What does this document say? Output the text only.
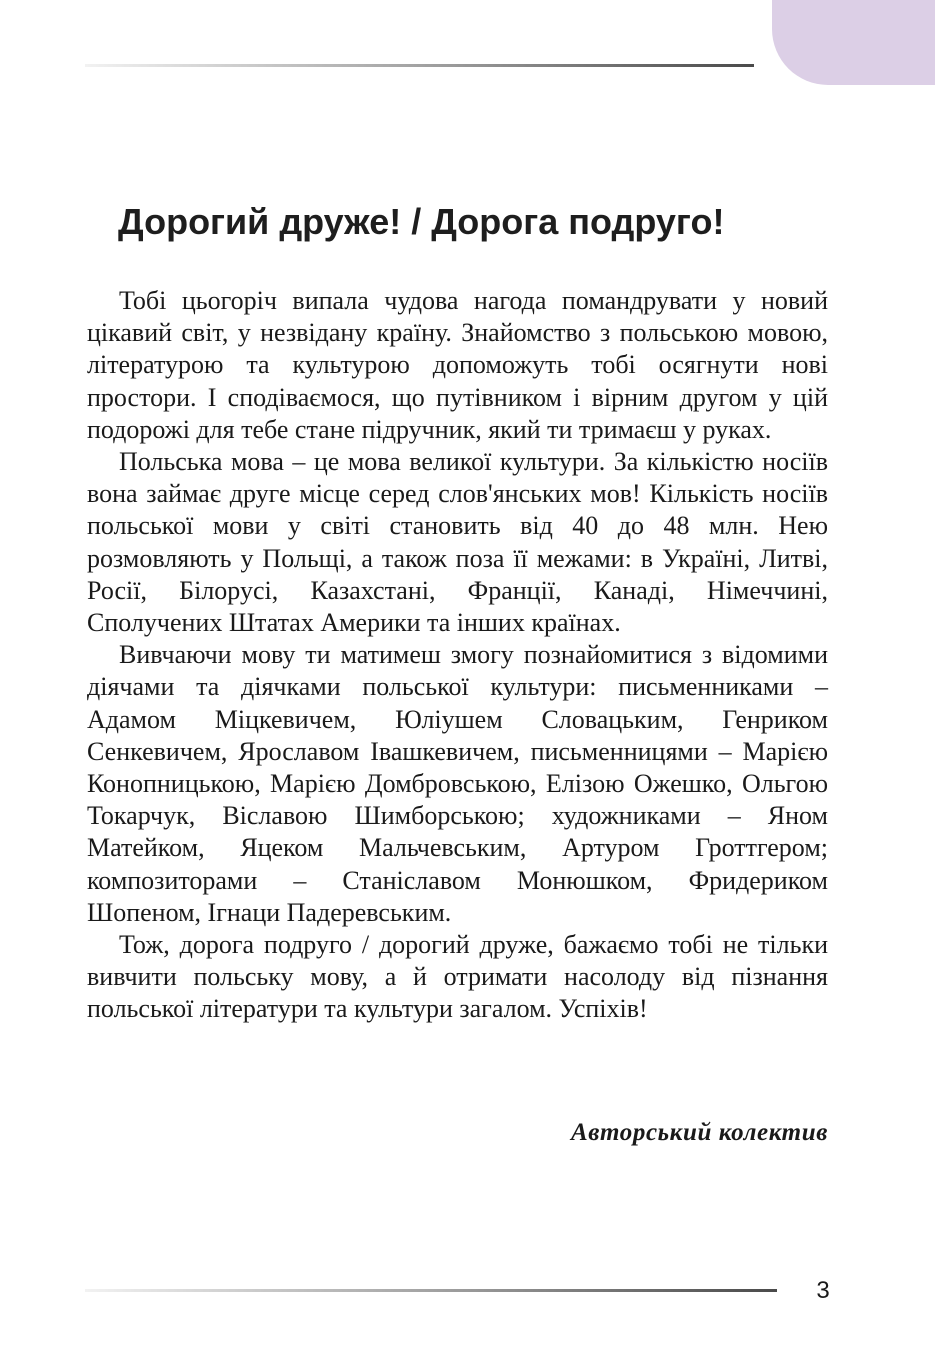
Дорогий друже! / Дорога подруго!

Тобі цьогоріч випала чудова нагода помандрувати у новий цікавий світ, у незвідану країну. Знайомство з польською мовою, літературою та культурою допоможуть тобі осягнути нові простори. І сподіваємося, що путівником і вірним другом у цій подорожі для тебе стане підручник, який ти тримаєш у руках.

Польська мова – це мова великої культури. За кількістю носіїв вона займає друге місце серед слов'янських мов! Кількість носіїв польської мови у світі становить від 40 до 48 млн. Нею розмовляють у Польщі, а також поза її межами: в Україні, Литві, Росії, Білорусі, Казахстані, Франції, Канаді, Німеччині, Сполучених Штатах Америки та інших країнах.

Вивчаючи мову ти матимеш змогу познайомитися з відомими діячами та діячками польської культури: письменниками – Адамом Міцкевичем, Юліушем Словацьким, Генриком Сенкевичем, Ярославом Івашкевичем, письменницями – Марією Конопницькою, Марією Домбровською, Елізою Ожешко, Ольгою Токарчук, Віславою Шимборською; художниками – Яном Матейком, Яцеком Мальчевським, Артуром Гроттгером; композиторами – Станіславом Монюшком, Фридериком Шопеном, Ігнаци Падеревським.

Тож, дорога подруго / дорогий друже, бажаємо тобі не тільки вивчити польську мову, а й отримати насолоду від пізнання польської літератури та культури загалом. Успіхів!

Авторський колектив
3
